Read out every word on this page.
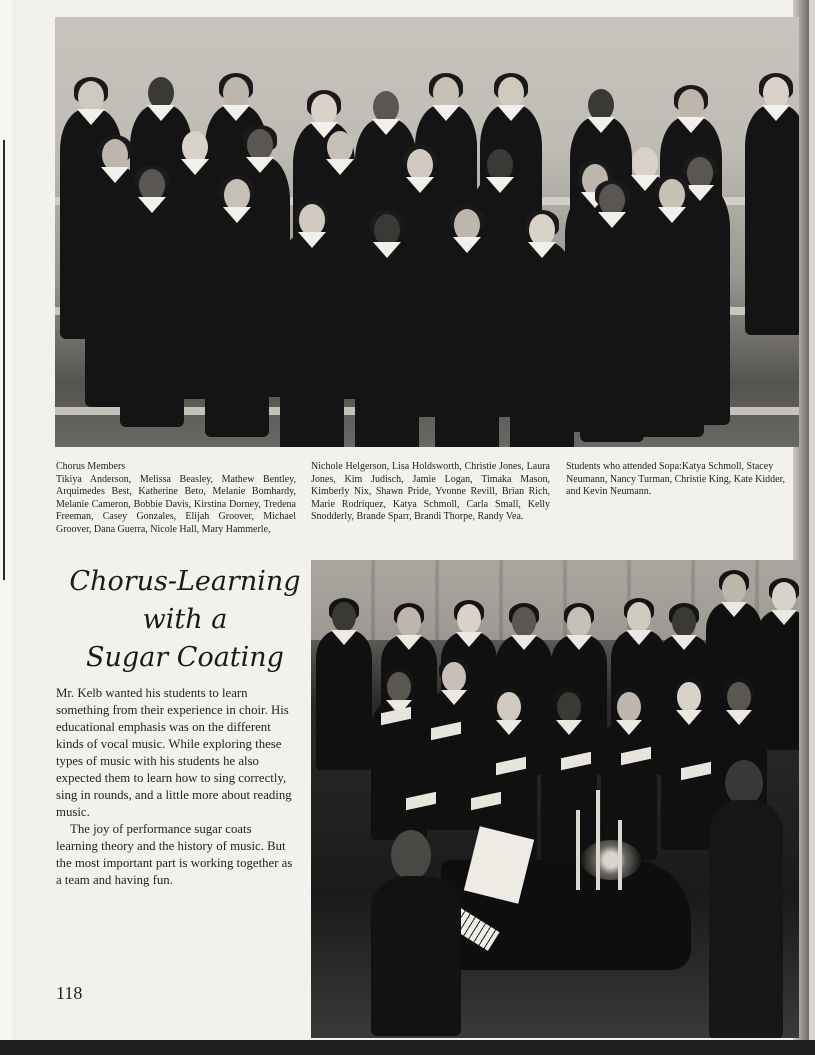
Chorus Members

Tikiya Anderson, Melissa Beasley, Mathew Bentley, Arquimedes Best, Katherine Beto, Melanie Bomhardy, Melanie Cameron, Bobbie Davis, Kirstina Dorney, Tredena Freeman, Casey Gonzales, Elijah Groover, Michael Groover, Dana Guerra, Nicole Hall, Mary Hammerle,

Nichole Helgerson, Lisa Holdsworth, Christie Jones, Laura Jones, Kim Judisch, Jamie Logan, Timaka Mason, Kimberly Nix, Shawn Pride, Yvonne Revill, Brian Rich, Marie Rodriquez, Katya Schmoll, Carla Small, Kelly Snodderly, Brande Sparr, Brandi Thorpe, Randy Vea.

Students who attended Sopa:Katya Schmoll, Stacey Neumann, Nancy Turman, Christie King, Kate Kidder, and Kevin Neumann.

Chorus-Learning
with a
Sugar Coating

Mr. Kelb wanted his students to learn something from their experience in choir. His educational emphasis was on the different kinds of vocal music. While exploring these types of music with his students he also expected them to learn how to sing correctly, sing in rounds, and a little more about reading music.

The joy of performance sugar coats learning theory and the history of music. But the most important part is working together as a team and having fun.

118
